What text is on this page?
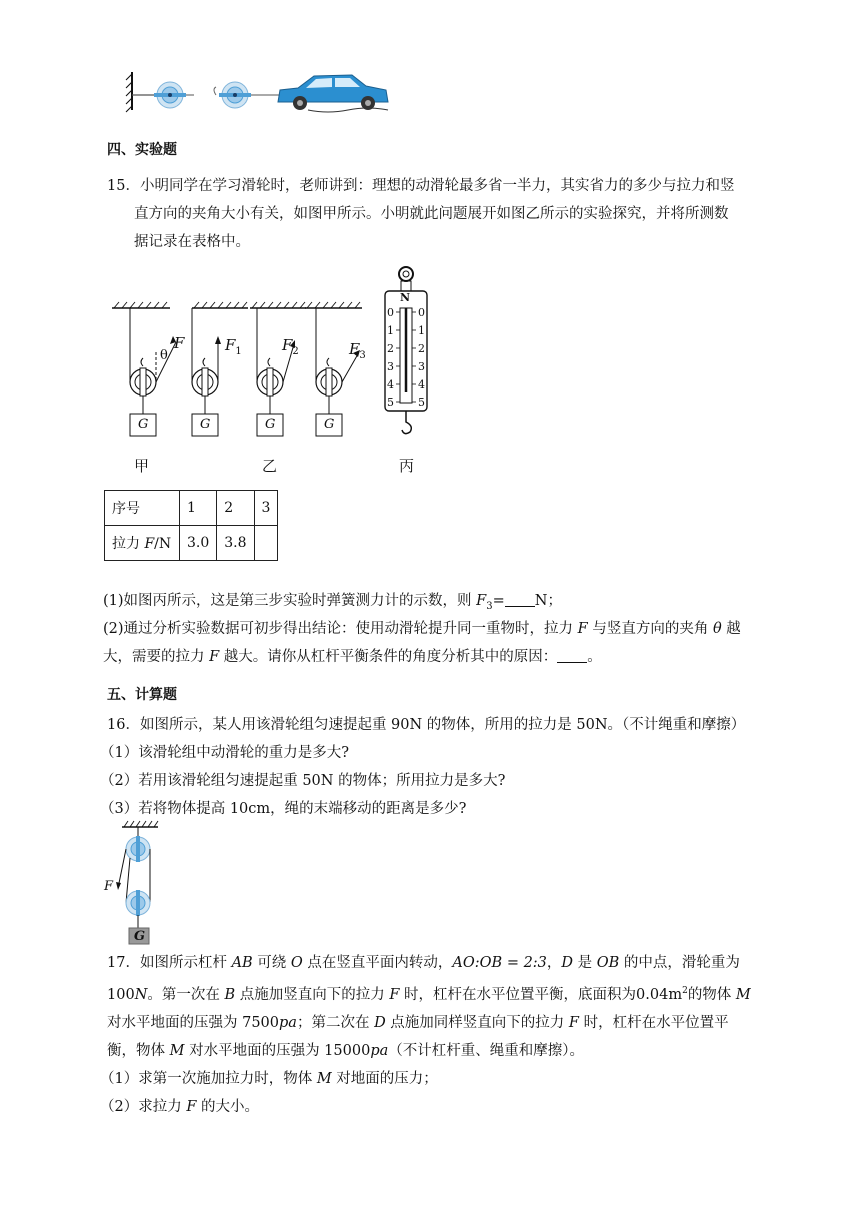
四、实验题
15．小明同学在学习滑轮时，老师讲到：理想的动滑轮最多省一半力，其实省力的多少与拉力和竖
直方向的夹角大小有关，如图甲所示。小明就此问题展开如图乙所示的实验探究，并将所测数
据记录在表格中。
θ
F	$F_1$	$F_2$	$F_3$
G	G	G	G
N
0
1
2
3
4
5
0
1
2
3
4
5
甲	乙	丙
序号	1	2	3
拉力 F/N	3.0	3.8	
(1)如图丙所示，这是第三步实验时弹簧测力计的示数，则 $F_3= N$；
(2)通过分析实验数据可初步得出结论：使用动滑轮提升同一重物时，拉力 F 与竖直方向的夹角 θ 越
大，需要的拉力 F 越大。请你从杠杆平衡条件的角度分析其中的原因： 。
五、计算题
16．如图所示，某人用该滑轮组匀速提起重 90N 的物体，所用的拉力是 50N。（不计绳重和摩擦）
（1）该滑轮组中动滑轮的重力是多大?
（2）若用该滑轮组匀速提起重 50N 的物体；所用拉力是多大?
（3）若将物体提高 10cm，绳的末端移动的距离是多少?
F
G
17．如图所示杠杆 AB 可绕 O 点在竖直平面内转动，AO:OB = 2:3，D 是 OB 的中点，滑轮重为
100N。第一次在 B 点施加竖直向下的拉力 F 时，杠杆在水平位置平衡，底面积为$0.04m^2$的物体 M
对水平地面的压强为 7500pa；第二次在 D 点施加同样竖直向下的拉力 F 时，杠杆在水平位置平
衡，物体 M 对水平地面的压强为 15000pa（不计杠杆重、绳重和摩擦）。
（1）求第一次施加拉力时，物体 M 对地面的压力；
（2）求拉力 F 的大小。
